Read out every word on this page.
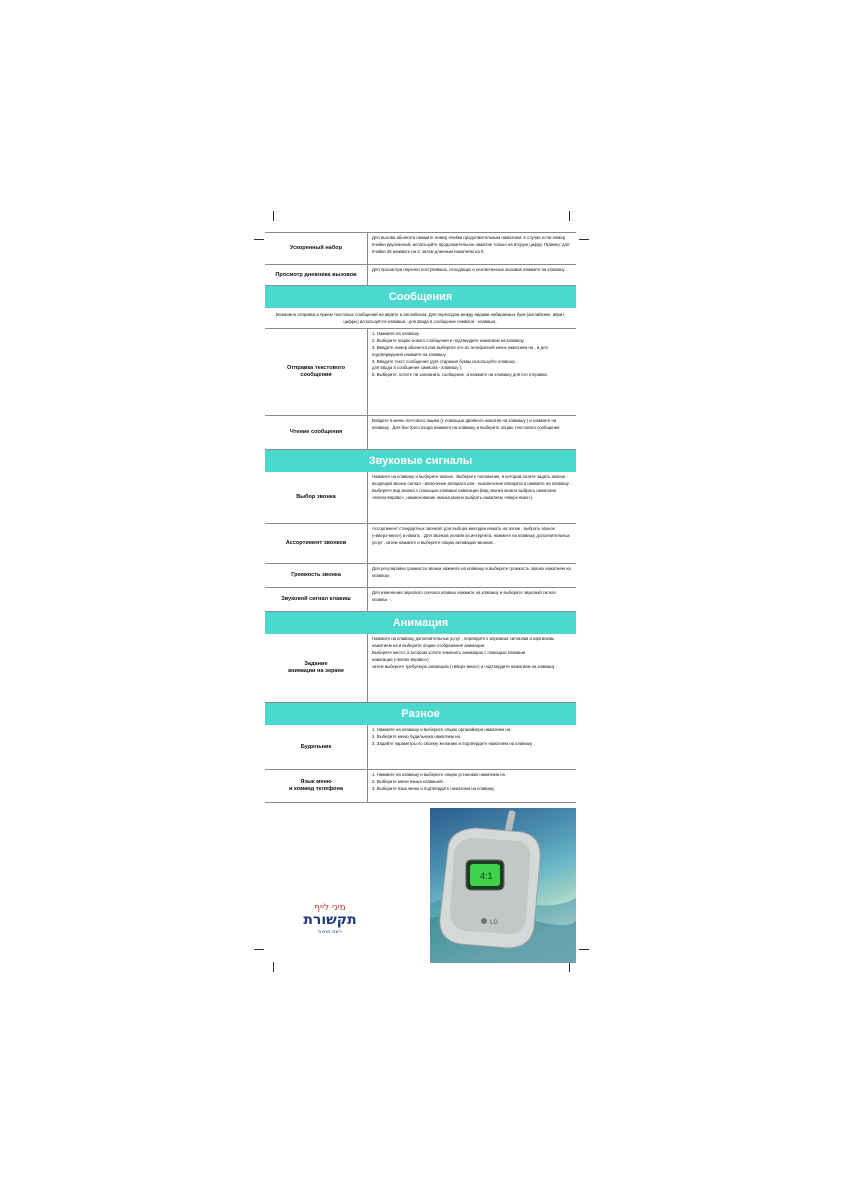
Ускоренный набор

Для вызова абонента нажмите номер ячейки продолжительным нажатием, в случае если номер ячейки двузначный, используйте продолжительное нажатие только на вторую цифру. Пример: для ячейки 25 нажмите на 2, затем длинным нажатием на 5.

Просмотр дневника вызовов

Для просмотра перечня поступивших, исходящих и неотвеченных вызовов нажмите на клавишу .

Сообщения
Возможно отправка и прием текстовых сообщений на иврите и английском. Для переходом между видами набираемых букв (английские, иврит, цифры) используется клавиша , для ввода в сообщение символа - клавиша .
Отправка текстового
сообщения

1. Нажмите на клавишу .

2. Выберите опцию нового сообщения и подтвердите нажатием на клавишу .

3. Введите номер абонента или выберите его из телефонной книги нажатием на , и для подтверждения нажмите на клавишу .

4. Введите текст сообщения (для стирания буквы используйте клавишу ,

для ввода в сообщение символа - клавишу ).

5. Выберите, хотите ли запомнить сообщение, и нажмите на клавишу для его отправки.

Чтение сообщения

Войдите в меню почтового ящика (с помощью двойного нажатия на клавишу ) и нажмите на клавишу . Для быстрого входа нажмите на клавишу и выберите опцию текстового сообщения.

Звуковые сигналы
Выбор звонка

Нажмите на клавишу и выберите звонок . Выберите положение, в котором хотите задать звонок: - входящий звонок сигнал - включение аппарата или - выключение аппарата и нажмите на клавишу . Выберите вид звонка с помощью клавиши навигации (вид звонка можно выбрать нажатием «влево-вправо», наименование звонка можно выбрать нажатием «вверх-вниз»).

Ассортимент звонков

Ассортимент стандартных звонков: для выбора мелодии нажать на затем , выбрать звонок («вверх-вниз») и нажать . Для звонков онлайн из интернета, нажмите на клавишу дополнительных услуг , затем нажмите и выберите опцию активации звонков .

Громкость звонка

Для регулировки громкости звонка нажмите на клавишу и выберите громкость звонка нажатием на клавишу .

Звуковой сигнал клавиш

Для изменения звукового сигнала клавиш нажмите на клавишу и выберите звуковой сигнал клавиш - .

Анимация
Задание
анимации на экране

Нажмите на клавишу дополнительных услуг , перейдите к звуковым сигналам и картинкам нажатием на и выберите опцию отображения анимации.

Выберите место, в котором хотите изменить анимацию с помощью клавиши

навигации («влево-вправо»),

затем выберите требуемую анимацию («вверх-вниз») и подтвердите нажатием на клавишу .

Разное
Будильник

1. Нажмите на клавишу и выберите опцию органайзера нажатием на .

2. Выберите меню будильника нажатием на .

3. Задайте параметры по своему желанию и подтвердите нажатием на клавишу .

Язык меню
и команд телефона

1. Нажмите на клавишу и выберите опцию установок нажатием на .

2. Выберите меню языка клавишей .

3. Выберите язык меню и подтвердите нажатием на клавишу .

4:1
LG
מיני לייף
תקשורת
רשת חנויות
